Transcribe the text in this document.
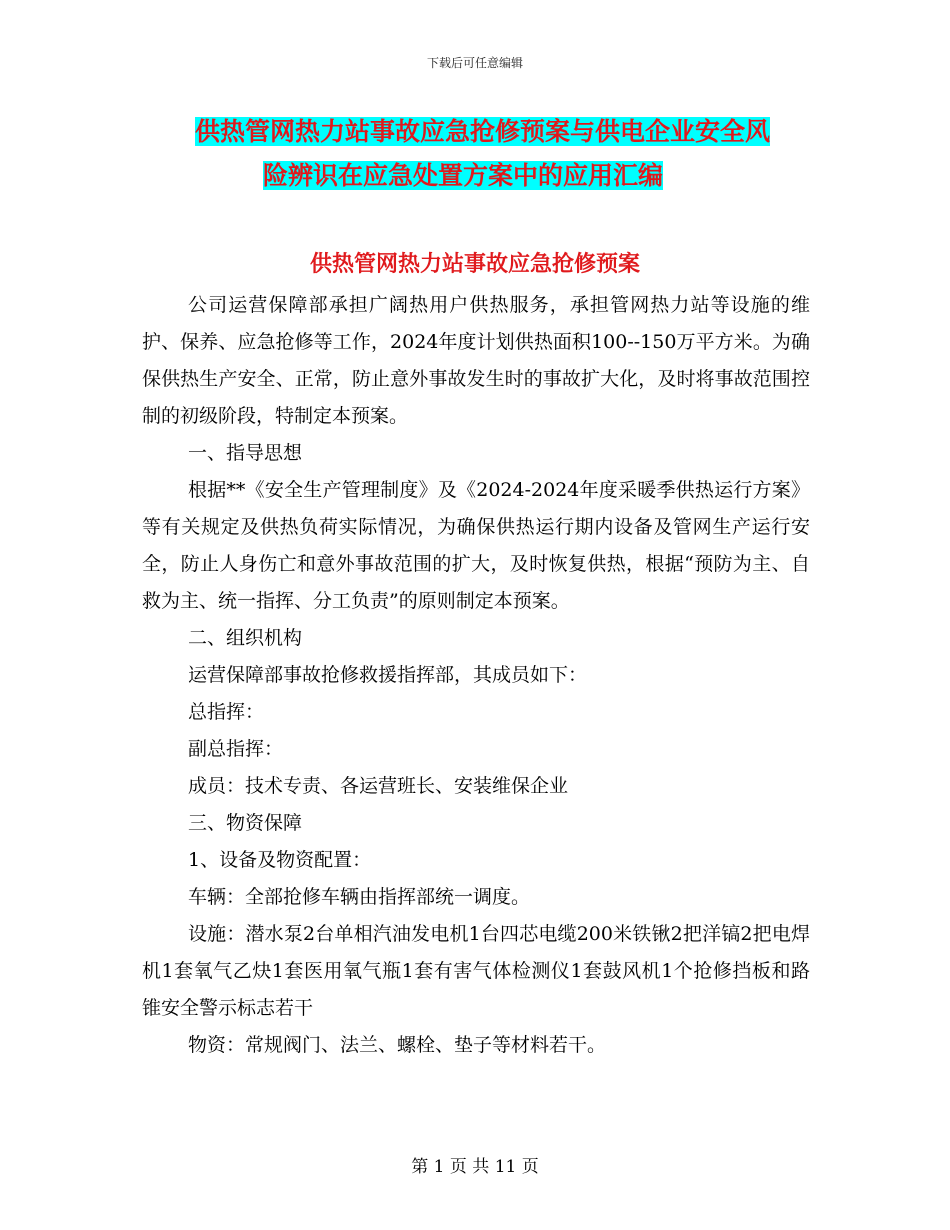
下载后可任意编辑
供热管网热力站事故应急抢修预案与供电企业安全风
险辨识在应急处置方案中的应用汇编
供热管网热力站事故应急抢修预案

公司运营保障部承担广阔热用户供热服务，承担管网热力站等设施的维护、保养、应急抢修等工作，2024年度计划供热面积100--150万平方米。为确保供热生产安全、正常，防止意外事故发生时的事故扩大化，及时将事故范围控制的初级阶段，特制定本预案。

一、指导思想

根据**《安全生产管理制度》及《2024-2024年度采暖季供热运行方案》等有关规定及供热负荷实际情况，为确保供热运行期内设备及管网生产运行安全，防止人身伤亡和意外事故范围的扩大，及时恢复供热，根据“预防为主、自救为主、统一指挥、分工负责”的原则制定本预案。

二、组织机构

运营保障部事故抢修救援指挥部，其成员如下：

总指挥：

副总指挥：

成员：技术专责、各运营班长、安装维保企业

三、物资保障

1、设备及物资配置：

车辆：全部抢修车辆由指挥部统一调度。

设施：潜水泵2台单相汽油发电机1台四芯电缆200米铁锹2把洋镐2把电焊机1套氧气乙炔1套医用氧气瓶1套有害气体检测仪1套鼓风机1个抢修挡板和路锥安全警示标志若干

物资：常规阀门、法兰、螺栓、垫子等材料若干。

第 1 页 共 11 页
